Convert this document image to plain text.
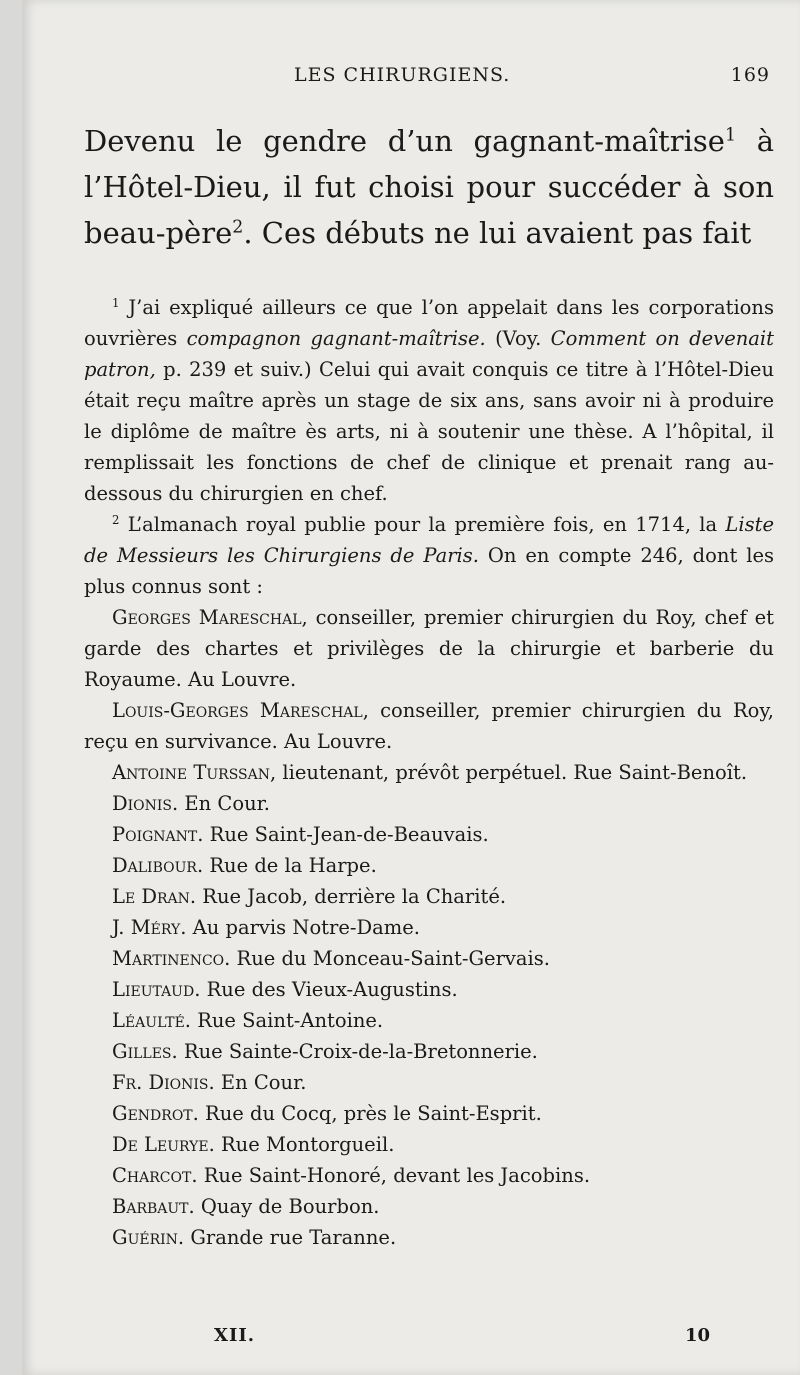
LES CHIRURGIENS.	169
Devenu le gendre d’un gagnant-maîtrise$^1$ à l’Hôtel-Dieu, il fut choisi pour succéder à son beau-père$^2$. Ces débuts ne lui avaient pas fait

$^1$ J’ai expliqué ailleurs ce que l’on appelait dans les corporations ouvrières compagnon gagnant-maîtrise. (Voy. Comment on devenait patron, p. 239 et suiv.) Celui qui avait conquis ce titre à l’Hôtel-Dieu était reçu maître après un stage de six ans, sans avoir ni à produire le diplôme de maître ès arts, ni à soutenir une thèse. A l’hôpital, il remplissait les fonctions de chef de clinique et prenait rang au-dessous du chirurgien en chef.

$^2$ L’almanach royal publie pour la première fois, en 1714, la Liste de Messieurs les Chirurgiens de Paris. On en compte 246, dont les plus connus sont :

Georges Mareschal, conseiller, premier chirurgien du Roy, chef et garde des chartes et privilèges de la chirurgie et barberie du Royaume. Au Louvre.

Louis-Georges Mareschal, conseiller, premier chirurgien du Roy, reçu en survivance. Au Louvre.

Antoine Turssan, lieutenant, prévôt perpétuel. Rue Saint-Benoît.

Dionis. En Cour.

Poignant. Rue Saint-Jean-de-Beauvais.

Dalibour. Rue de la Harpe.

Le Dran. Rue Jacob, derrière la Charité.

J. Méry. Au parvis Notre-Dame.

Martinenco. Rue du Monceau-Saint-Gervais.

Lieutaud. Rue des Vieux-Augustins.

Léaulté. Rue Saint-Antoine.

Gilles. Rue Sainte-Croix-de-la-Bretonnerie.

Fr. Dionis. En Cour.

Gendrot. Rue du Cocq, près le Saint-Esprit.

De Leurye. Rue Montorgueil.

Charcot. Rue Saint-Honoré, devant les Jacobins.

Barbaut. Quay de Bourbon.

Guérin. Grande rue Taranne.

XII.	10
